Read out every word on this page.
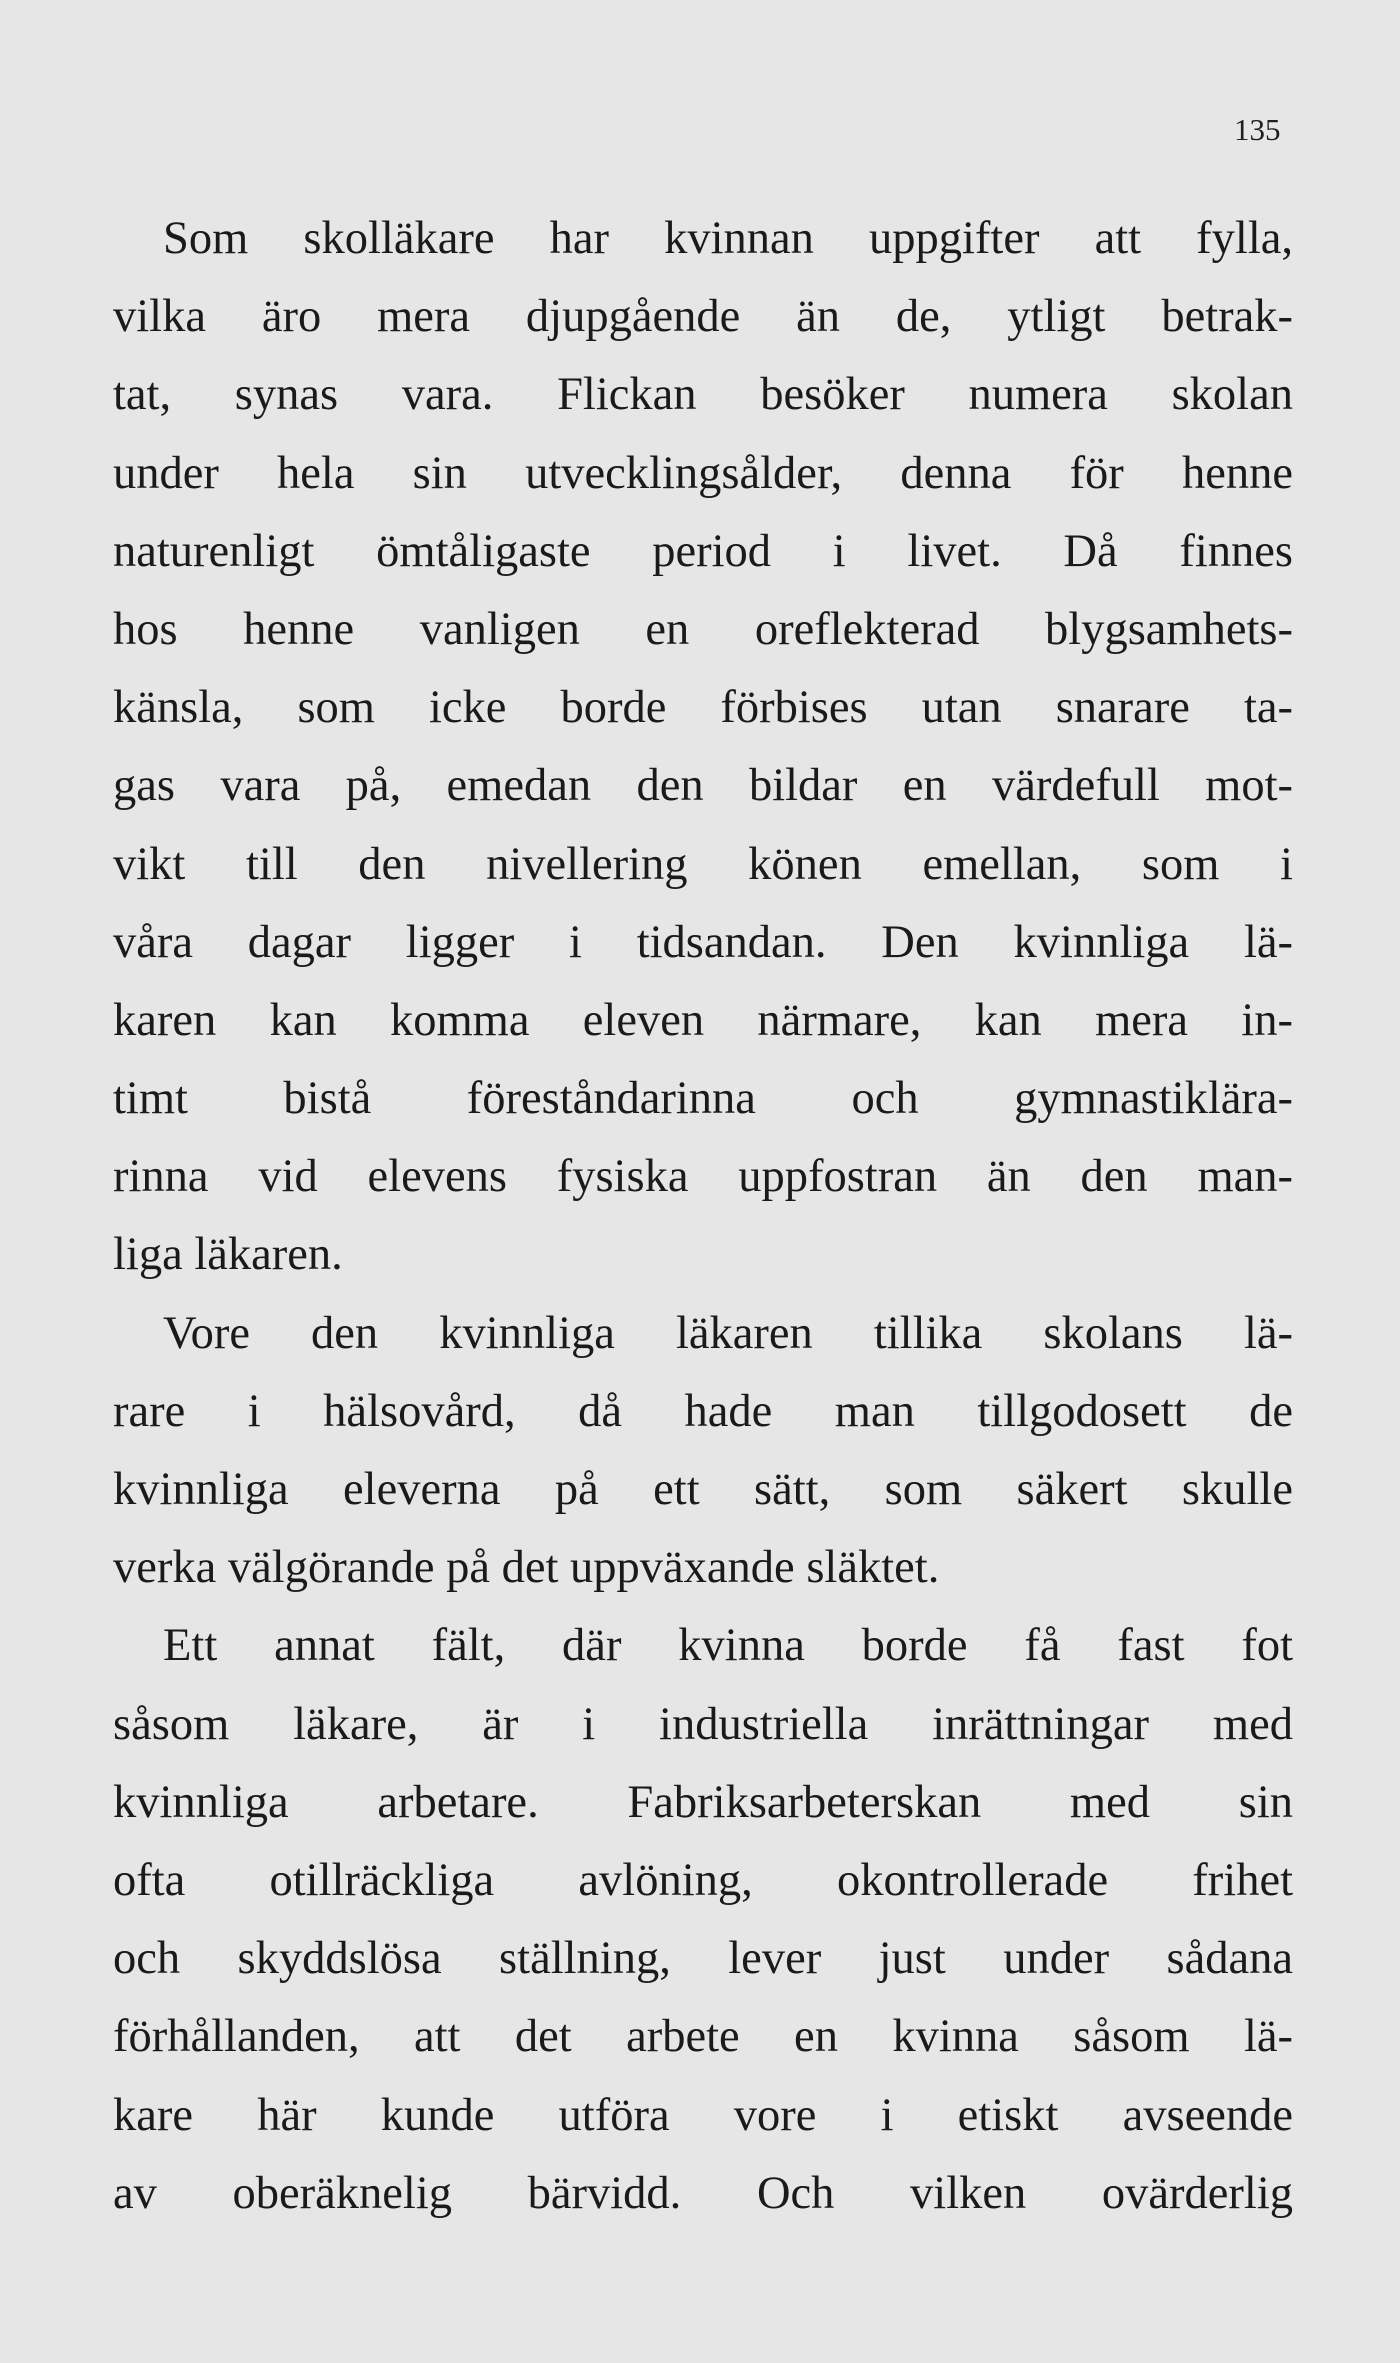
135
Som skolläkare har kvinnan uppgifter att fylla,
vilka äro mera djupgående än de, ytligt betrak-
tat, synas vara. Flickan besöker numera skolan
under hela sin utvecklingsålder, denna för henne
naturenligt ömtåligaste period i livet. Då finnes
hos henne vanligen en oreflekterad blygsamhets-
känsla, som icke borde förbises utan snarare ta-
gas vara på, emedan den bildar en värdefull mot-
vikt till den nivellering könen emellan, som i
våra dagar ligger i tidsandan. Den kvinnliga lä-
karen kan komma eleven närmare, kan mera in-
timt bistå föreståndarinna och gymnastiklära-
rinna vid elevens fysiska uppfostran än den man-
liga läkaren.
Vore den kvinnliga läkaren tillika skolans lä-
rare i hälsovård, då hade man tillgodosett de
kvinnliga eleverna på ett sätt, som säkert skulle
verka välgörande på det uppväxande släktet.
Ett annat fält, där kvinna borde få fast fot
såsom läkare, är i industriella inrättningar med
kvinnliga arbetare. Fabriksarbeterskan med sin
ofta otillräckliga avlöning, okontrollerade frihet
och skyddslösa ställning, lever just under sådana
förhållanden, att det arbete en kvinna såsom lä-
kare här kunde utföra vore i etiskt avseende
av oberäknelig bärvidd. Och vilken ovärderlig
